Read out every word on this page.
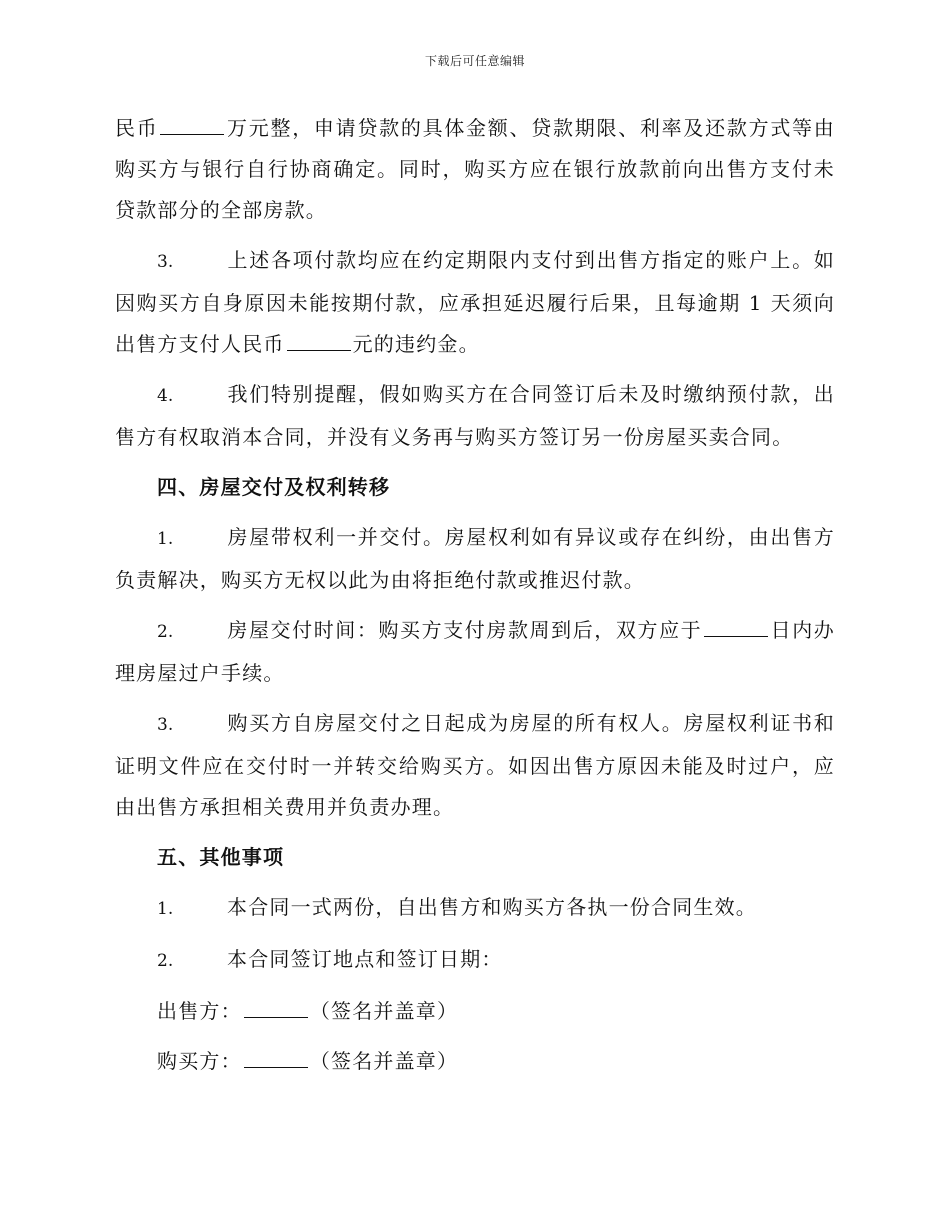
下载后可任意编辑

民币	万元整，申请贷款的具体金额、贷款期限、利率及还款方式等由购买方与银行自行协商确定。同时，购买方应在银行放款前向出售方支付未贷款部分的全部房款。

3.	上述各项付款均应在约定期限内支付到出售方指定的账户上。如因购买方自身原因未能按期付款，应承担延迟履行后果，且每逾期 1 天须向出售方支付人民币	元的违约金。

4.	我们特别提醒，假如购买方在合同签订后未及时缴纳预付款，出售方有权取消本合同，并没有义务再与购买方签订另一份房屋买卖合同。

四、房屋交付及权利转移

1.	房屋带权利一并交付。房屋权利如有异议或存在纠纷，由出售方负责解决，购买方无权以此为由将拒绝付款或推迟付款。

2.	房屋交付时间：购买方支付房款周到后，双方应于	日内办理房屋过户手续。

3.	购买方自房屋交付之日起成为房屋的所有权人。房屋权利证书和证明文件应在交付时一并转交给购买方。如因出售方原因未能及时过户，应由出售方承担相关费用并负责办理。

五、其他事项

1.	本合同一式两份，自出售方和购买方各执一份合同生效。

2.	本合同签订地点和签订日期：

出售方：	（签名并盖章）

购买方：	（签名并盖章）
